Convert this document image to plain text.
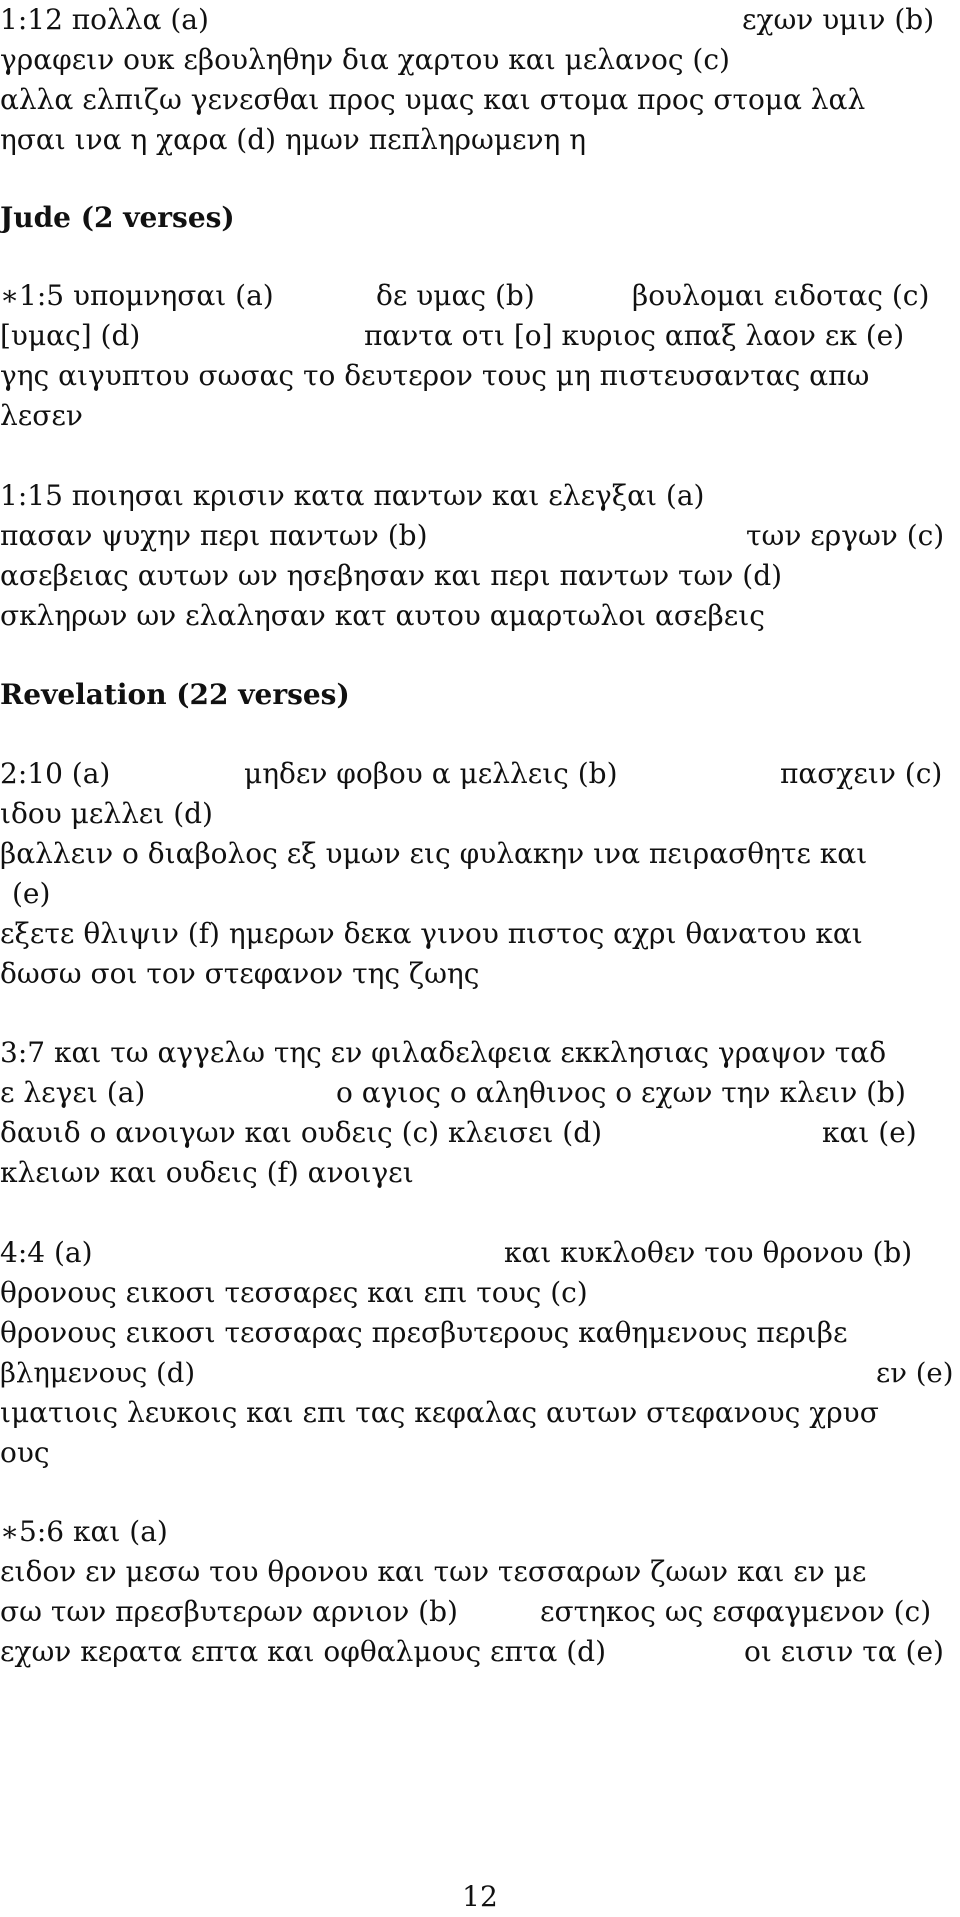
1:12 πολλα (a)	εχων υμιν (b)
γραφειν ουκ εβουληθην δια χαρτου και μελανος (c)
αλλα ελπιζω γενεσθαι προς υμας και στομα προς στομα λαλ
ησαι ινα η χαρα (d) ημων πεπληρωμενη η
Jude (2 verses)
∗1:5 υπομνησαι (a)	δε υμας (b)	βουλομαι ειδοτας (c)
[υμας] (d)	παντα οτι [ο] κυριος απαξ λαον εκ (e)
γης αιγυπτου σωσας το δευτερον τους μη πιστευσαντας απω
λεσεν
1:15 ποιησαι κρισιν κατα παντων και ελεγξαι (a)
πασαν ψυχην περι παντων (b)	των εργων (c)
ασεβειας αυτων ων ησεβησαν και περι παντων των (d)
σκληρων ων ελαλησαν κατ αυτου αμαρτωλοι ασεβεις
Revelation (22 verses)
2:10 (a)	μηδεν φοβου α μελλεις (b)	πασχειν (c)
ιδου μελλει (d)
βαλλειν ο διαβολος εξ υμων εις φυλακην ινα πειρασθητε και
(e)
εξετε θλιψιν (f) ημερων δεκα γινου πιστος αχρι θανατου και
δωσω σοι τον στεφανον της ζωης
3:7 και τω αγγελω της εν φιλαδελφεια εκκλησιας γραψον ταδ
ε λεγει (a)	ο αγιος ο αληθινος ο εχων την κλειν (b)
δαυιδ ο ανοιγων και ουδεις (c) κλεισει (d)	και (e)
κλειων και ουδεις (f) ανοιγει
4:4 (a)	και κυκλοθεν του θρονου (b)
θρονους εικοσι τεσσαρες και επι τους (c)
θρονους εικοσι τεσσαρας πρεσβυτερους καθημενους περιβε
βλημενους (d)	εν (e)
ιματιοις λευκοις και επι τας κεφαλας αυτων στεφανους χρυσ
ους
∗5:6 και (a)
ειδον εν μεσω του θρονου και των τεσσαρων ζωων και εν με
σω των πρεσβυτερων αρνιον (b)	εστηκος ως εσφαγμενον (c)
εχων κερατα επτα και οφθαλμους επτα (d)	οι εισιν τα (e)
12
